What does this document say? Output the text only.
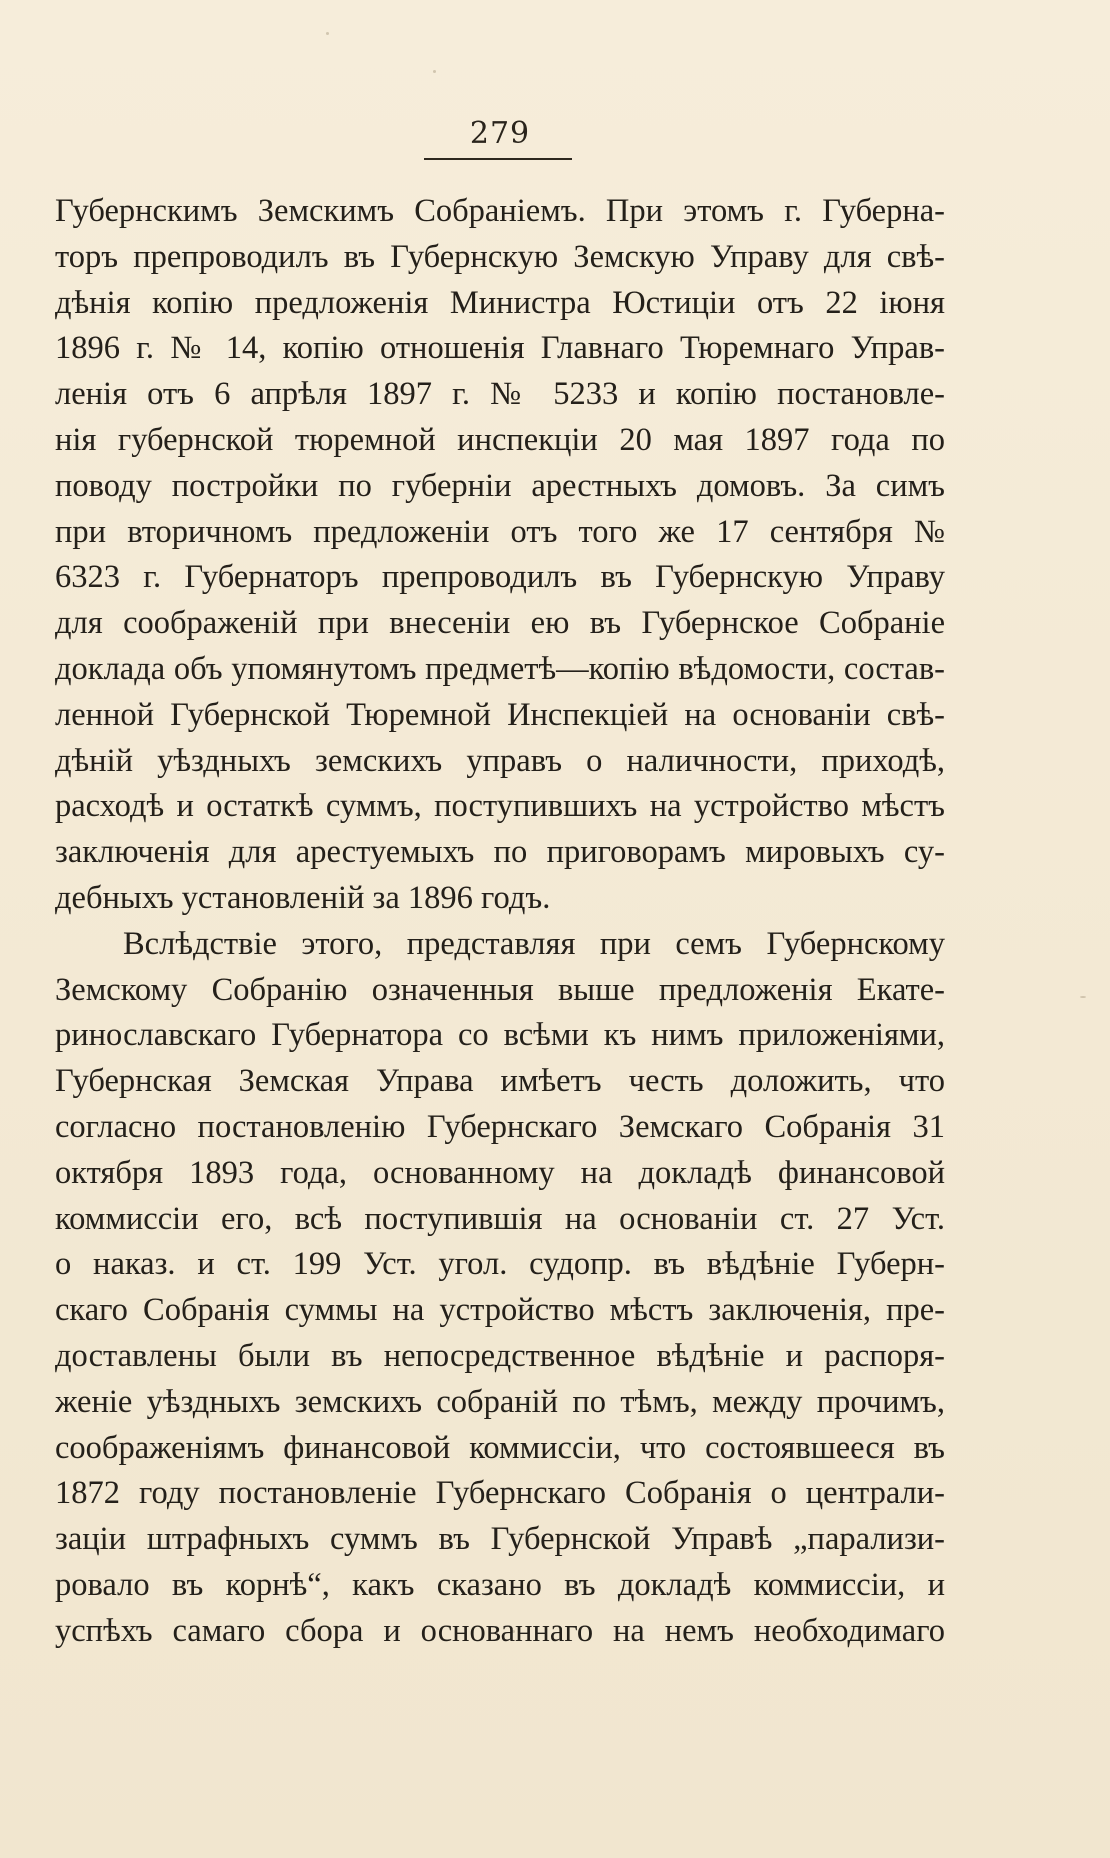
279
Губернскимъ Земскимъ Собраніемъ. При этомъ г. Губерна-
торъ препроводилъ въ Губернскую Земскую Управу для свѣ-
дѣнія копію предложенія Министра Юстиціи отъ 22 іюня
1896 г. № 14, копію отношенія Главнаго Тюремнаго Управ-
ленія отъ 6 апрѣля 1897 г. № 5233 и копію постановле-
нія губернской тюремной инспекціи 20 мая 1897 года по
поводу постройки по губерніи арестныхъ домовъ. За симъ
при вторичномъ предложеніи отъ того же 17 сентября №
6323 г. Губернаторъ препроводилъ въ Губернскую Управу
для соображеній при внесеніи ею въ Губернское Собраніе
доклада объ упомянутомъ предметѣ—копію вѣдомости, состав-
ленной Губернской Тюремной Инспекціей на основаніи свѣ-
дѣній уѣздныхъ земскихъ управъ о наличности, приходѣ,
расходѣ и остаткѣ суммъ, поступившихъ на устройство мѣстъ
заключенія для арестуемыхъ по приговорамъ мировыхъ су-
дебныхъ установленій за 1896 годъ.
Вслѣдствіе этого, представляя при семъ Губернскому
Земскому Собранію означенныя выше предложенія Екате-
ринославскаго Губернатора со всѣми къ нимъ приложеніями,
Губернская Земская Управа имѣетъ честь доложить, что
согласно постановленію Губернскаго Земскаго Собранія 31
октября 1893 года, основанному на докладѣ финансовой
коммиссіи его, всѣ поступившія на основаніи ст. 27 Уст.
о наказ. и ст. 199 Уст. угол. судопр. въ вѣдѣніе Губерн-
скаго Собранія суммы на устройство мѣстъ заключенія, пре-
доставлены были въ непосредственное вѣдѣніе и распоря-
женіе уѣздныхъ земскихъ собраній по тѣмъ, между прочимъ,
соображеніямъ финансовой коммиссіи, что состоявшееся въ
1872 году постановленіе Губернскаго Собранія о централи-
заціи штрафныхъ суммъ въ Губернской Управѣ „парализи-
ровало въ корнѣ“, какъ сказано въ докладѣ коммиссіи, и
успѣхъ самаго сбора и основаннаго на немъ необходимаго
